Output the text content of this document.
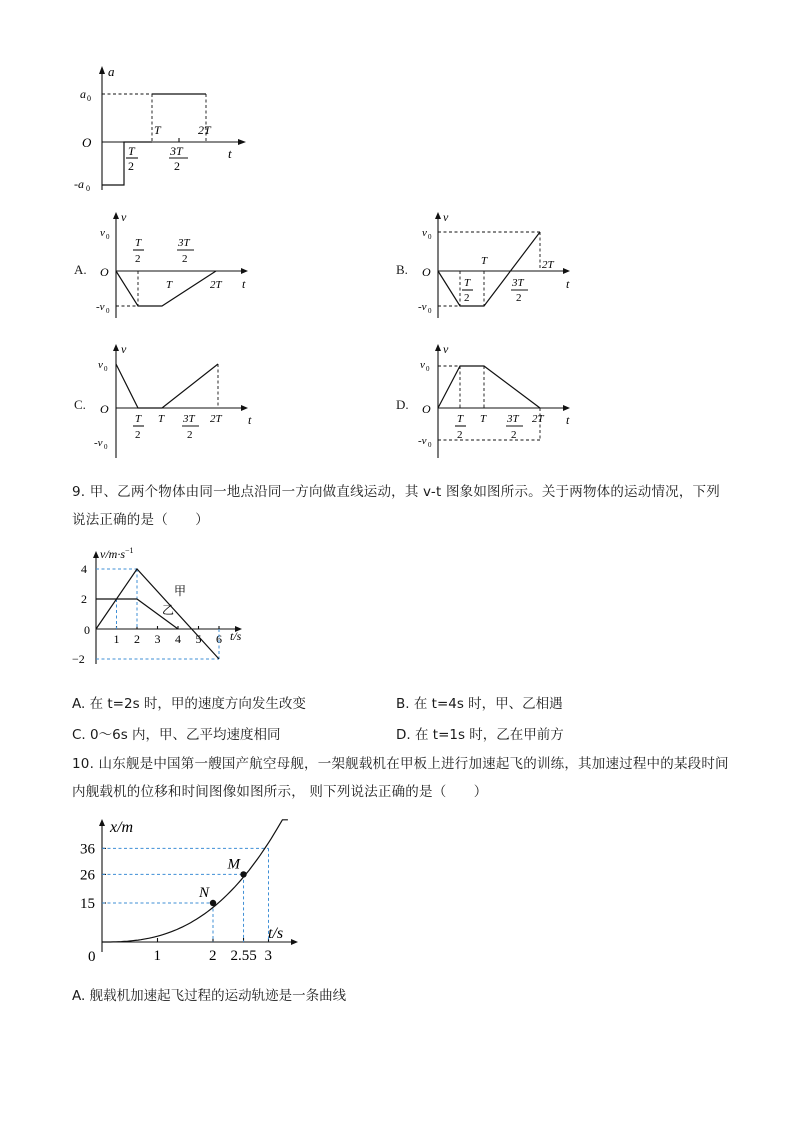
a
t
O
a 0
-a 0
T	2T
T
2
3T
2
A.	B.
C.	D.
v
t
O
v 0
-v 0
T
2
3T
2
T	2T
v
t
O
v 0
-v 0
T	2T
T
2
3T
2
v
t
O
v 0
-v 0
T
2
T 3T
2
2T
v
t
O
v 0
-v 0
T
2
T 3T
2
2T
9. 甲、乙两个物体由同一地点沿同一方向做直线运动，其 v-t 图象如图所示。关于两物体的运动情况，下列说法正确的是（　　）
$v/m\cdot s^{-1}$
t/s
0
1 2 3 4 5 6
4
2
−2
甲
乙
A. 在 t=2s 时，甲的速度方向发生改变	B. 在 t=4s 时，甲、乙相遇
C. 0～6s 内，甲、乙平均速度相同	D. 在 t=1s 时，乙在甲前方
10. 山东舰是中国第一艘国产航空母舰，一架舰载机在甲板上进行加速起飞的训练，其加速过程中的某段时间内舰载机的位移和时间图像如图所示， 则下列说法正确的是（　　）
x/m
t/s
0	1	2 2.55 3
36
26
15
N
M
A. 舰载机加速起飞过程的运动轨迹是一条曲线
